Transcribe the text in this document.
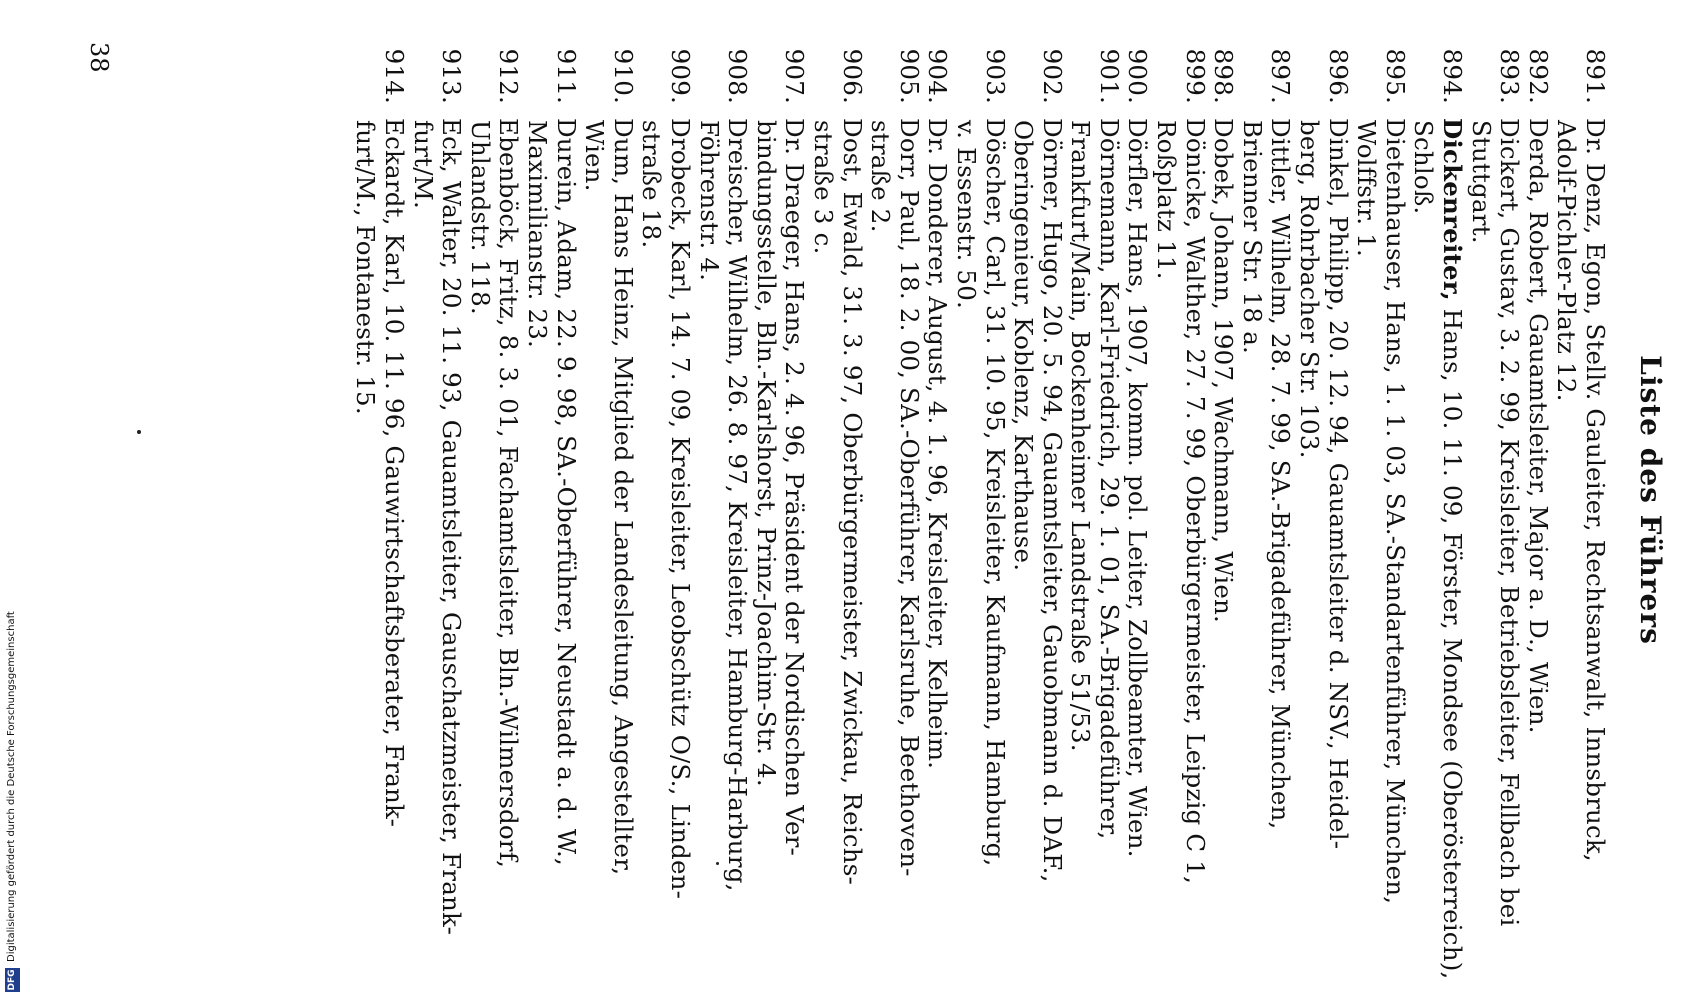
Liste des Führers
891.
Dr. Denz, Egon, Stellv. Gauleiter, Rechtsanwalt, Innsbruck,
Adolf-Pichler-Platz 12.
892.
Derda, Robert, Gauamtsleiter, Major a. D., Wien.
893.
Dickert, Gustav, 3. 2. 99, Kreisleiter, Betriebsleiter, Fellbach bei
Stuttgart.
894.
Dickenreiter, Hans, 10. 11. 09, Förster, Mondsee (Oberösterreich),
Schloß.
895.
Dietenhauser, Hans, 1. 1. 03, SA.-Standartenführer, München,
Wolffstr. 1.
896.
Dinkel, Philipp, 20. 12. 94, Gauamtsleiter d. NSV., Heidel-
berg, Rohrbacher Str. 103.
897.
Dittler, Wilhelm, 28. 7. 99, SA.-Brigadeführer, München,
Brienner Str. 18 a.
898.
Dobek, Johann, 1907, Wachmann, Wien.
899.
Dönicke, Walther, 27. 7. 99, Oberbürgermeister, Leipzig C 1,
Roßplatz 11.
900.
Dörfler, Hans, 1907, komm. pol. Leiter, Zollbeamter, Wien.
901.
Dörnemann, Karl-Friedrich, 29. 1. 01, SA.-Brigadeführer,
Frankfurt/Main, Bockenheimer Landstraße 51/53.
902.
Dörner, Hugo, 20. 5. 94, Gauamtsleiter, Gauobmann d. DAF.,
Oberingenieur, Koblenz, Karthause.
903.
Döscher, Carl, 31. 10. 95, Kreisleiter, Kaufmann, Hamburg,
v. Essenstr. 50.
904.
Dr. Donderer, August, 4. 1. 96, Kreisleiter, Kelheim.
905.
Dorr, Paul, 18. 2. 00, SA.-Oberführer, Karlsruhe, Beethoven-
straße 2.
906.
Dost, Ewald, 31. 3. 97, Oberbürgermeister, Zwickau, Reichs-
straße 3 c.
907.
Dr. Draeger, Hans, 2. 4. 96, Präsident der Nordischen Ver-
bindungsstelle, Bln.-Karlshorst, Prinz-Joachim-Str. 4.
908.
Dreischer, Wilhelm, 26. 8. 97, Kreisleiter, Hamburg-Harburg,
Föhrenstr. 4.
909.
Drobeck, Karl, 14. 7. 09, Kreisleiter, Leobschütz O/S., Linden-
straße 18.
910.
Dum, Hans Heinz, Mitglied der Landesleitung, Angestellter,
Wien.
911.
Durein, Adam, 22. 9. 98, SA.-Oberführer, Neustadt a. d. W.,
Maximilianstr. 23.
912.
Ebenböck, Fritz, 8. 3. 01, Fachamtsleiter, Bln.-Wilmersdorf,
Uhlandstr. 118.
913.
Eck, Walter, 20. 11. 93, Gauamtsleiter, Gauschatzmeister, Frank-
furt/M.
914.
Eckardt, Karl, 10. 11. 96, Gauwirtschaftsberater, Frank-
furt/M., Fontanestr. 15.
38
DFG
Digitalisierung gefördert durch die Deutsche Forschungsgemeinschaft
